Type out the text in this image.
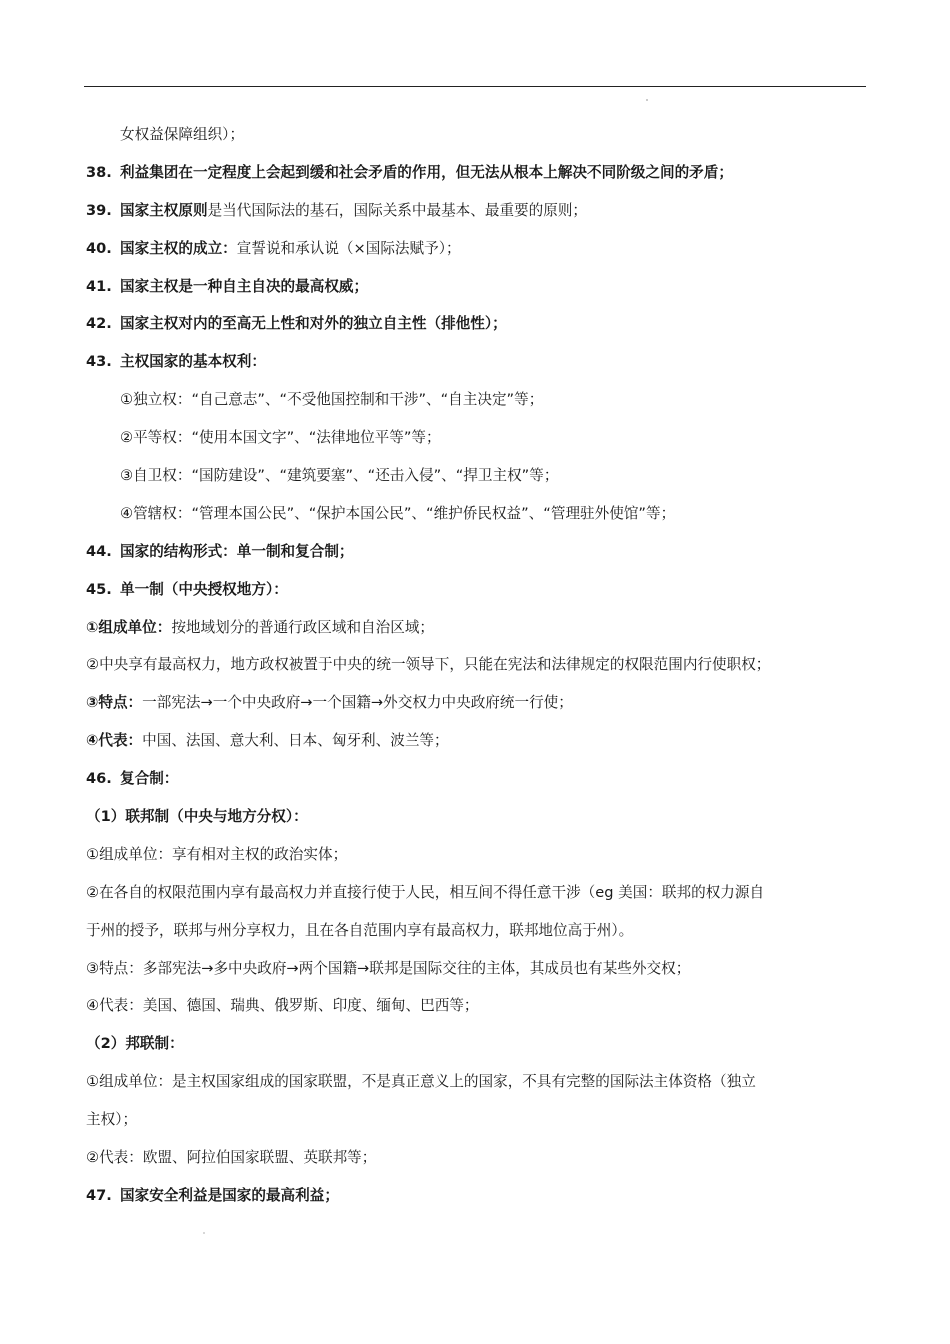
女权益保障组织）；
38. 利益集团在一定程度上会起到缓和社会矛盾的作用，但无法从根本上解决不同阶级之间的矛盾；
39. 国家主权原则是当代国际法的基石，国际关系中最基本、最重要的原则；
40. 国家主权的成立：宣誓说和承认说（×国际法赋予）；
41. 国家主权是一种自主自决的最高权威；
42. 国家主权对内的至高无上性和对外的独立自主性（排他性）；
43. 主权国家的基本权利：
①独立权：“自己意志”、“不受他国控制和干涉”、“自主决定”等；
②平等权：“使用本国文字”、“法律地位平等”等；
③自卫权：“国防建设”、“建筑要塞”、“还击入侵”、“捍卫主权”等；
④管辖权：“管理本国公民”、“保护本国公民”、“维护侨民权益”、“管理驻外使馆”等；
44. 国家的结构形式：单一制和复合制；
45. 单一制（中央授权地方）：
①组成单位：按地域划分的普通行政区域和自治区域；
②中央享有最高权力，地方政权被置于中央的统一领导下，只能在宪法和法律规定的权限范围内行使职权；
③特点：一部宪法→一个中央政府→一个国籍→外交权力中央政府统一行使；
④代表：中国、法国、意大利、日本、匈牙利、波兰等；
46. 复合制：
（1）联邦制（中央与地方分权）：
①组成单位：享有相对主权的政治实体；
②在各自的权限范围内享有最高权力并直接行使于人民，相互间不得任意干涉（eg 美国：联邦的权力源自
于州的授予，联邦与州分享权力，且在各自范围内享有最高权力，联邦地位高于州）。
③特点：多部宪法→多中央政府→两个国籍→联邦是国际交往的主体，其成员也有某些外交权；
④代表：美国、德国、瑞典、俄罗斯、印度、缅甸、巴西等；
（2）邦联制：
①组成单位：是主权国家组成的国家联盟，不是真正意义上的国家，不具有完整的国际法主体资格（独立
主权）；
②代表：欧盟、阿拉伯国家联盟、英联邦等；
47. 国家安全利益是国家的最高利益；
